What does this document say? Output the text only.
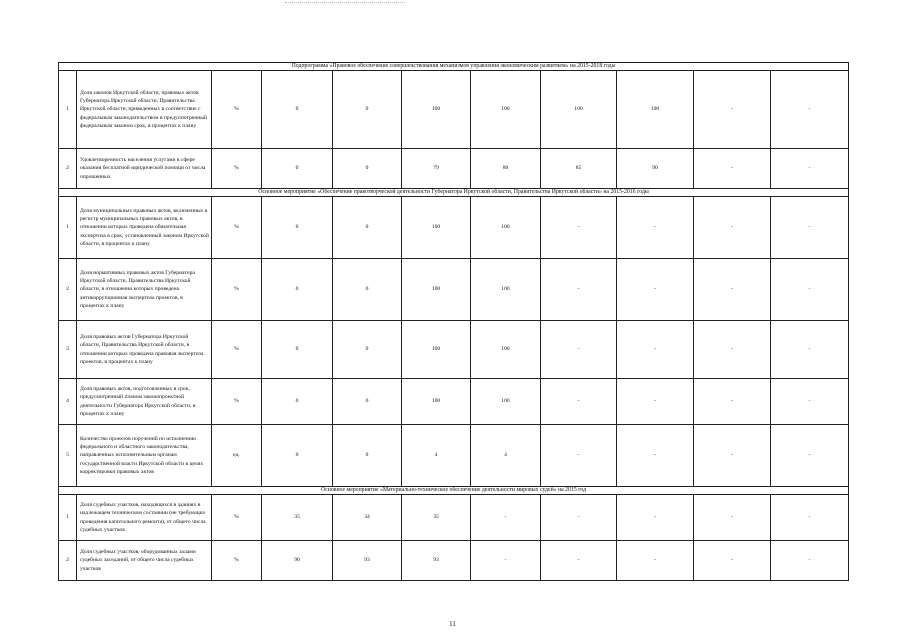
Подпрограмма «Правовое обеспечение совершенствования механизмов управления экономическим развитием» на 2015-2018 годы										
1	Доля законов Иркутской области, правовых актов Губернатора Иркутской области, Правительства Иркутской области, приведенных в соответствие с федеральным законодательством в предусмотренный федеральным законом срок, в процентах к плану	%	0	0	100	100	100	100	-	-
2	Удовлетворенность населения услугами в сфере оказания бесплатной юридической помощи от числа опрошенных	%	0	0	79	80	85	90	-	-
Основное мероприятие «Обеспечение правотворческой деятельности Губернатора Иркутской области, Правительства Иркутской области» на 2015-2016 годы										
1	Доля муниципальных правовых актов, включенных в регистр муниципальных правовых актов, в отношении которых проведена обязательная экспертиза в срок, установленный законом Иркутской области, в процентах к плану	%	0	0	100	100	-	-	-	-
2	Доля нормативных правовых актов Губернатора Иркутской области, Правительства Иркутской области, в отношении которых проведена антикоррупционная экспертиза проектов, в процентах к плану	%	0	0	100	100	-	-	-	-
3	Доля правовых актов Губернатора Иркутской области, Правительства Иркутской области, в отношении которых проведена правовая экспертиза проектов, в процентах к плану	%	0	0	100	100	-	-	-	-
4	Доля правовых актов, подготовленных в срок, предусмотренный планом законопроектной деятельности Губернатора Иркутской области, в процентах к плану	%	0	0	100	100	-	-	-	-
5	Количество проектов поручений по исполнению федерального и областного законодательства, направленных исполнительным органам государственной власти Иркутской области в целях корректировки правовых актов	ед.	0	0	4	4	-	-	-	-
Основное мероприятие «Материально-техническое обеспечение деятельности мировых судей» на 2015 год										
1	Доля судебных участков, находящихся в зданиях в надлежащем техническом состоянии (не требующих проведения капитального ремонта), от общего числа судебных участков	%	35	34	35	-	-	-	-	-
2	Доля судебных участков, оборудованных залами судебных заседаний, от общего числа судебных участков	%	90	93	93	-	-	-	-	-
11
